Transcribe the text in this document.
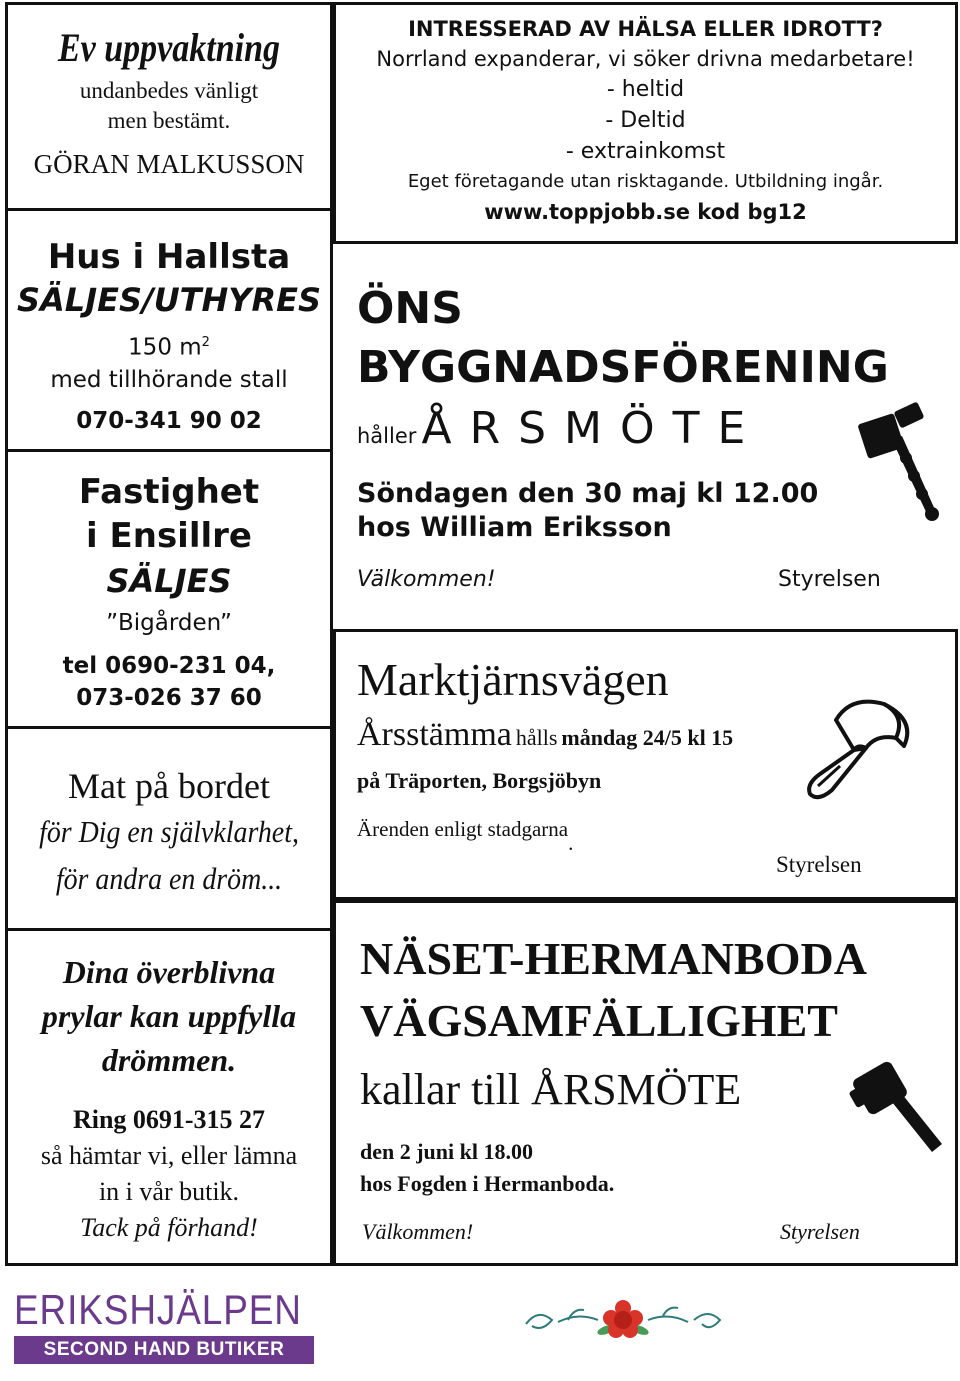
Ev uppvaktning
undanbedes vänligt
men bestämt.
GÖRAN MALKUSSON
Hus i Hallsta
SÄLJES/UTHYRES
150 $m^2$
med tillhörande stall
070-341 90 02
Fastighet
i Ensillre
SÄLJES
”Bigården”
tel 0690-231 04,
073-026 37 60
Mat på bordet
för Dig en självklarhet,
för andra en dröm...
Dina överblivna
prylar kan uppfylla
drömmen.
Ring 0691-315 27
så hämtar vi, eller lämna
in i vår butik.
Tack på förhand!
ERIKSHJÄLPEN
SECOND HAND BUTIKER
INTRESSERAD AV HÄLSA ELLER IDROTT?
Norrland expanderar, vi söker drivna medarbetare!
- heltid
- Deltid
- extrainkomst
Eget företagande utan risktagande. Utbildning ingår.
www.toppjobb.se kod bg12
ÖNS
BYGGNADSFÖRENING
håller Å R S M Ö T E
Söndagen den 30 maj kl 12.00
hos William Eriksson
Välkommen!	Styrelsen
Marktjärnsvägen
Årsstämma hålls måndag 24/5 kl 15
på Träporten, Borgsjöbyn
Ärenden enligt stadgarna.
Styrelsen
NÄSET-HERMANBODA
VÄGSAMFÄLLIGHET
kallar till ÅRSMÖTE
den 2 juni kl 18.00
hos Fogden i Hermanboda.
Välkommen!	Styrelsen
